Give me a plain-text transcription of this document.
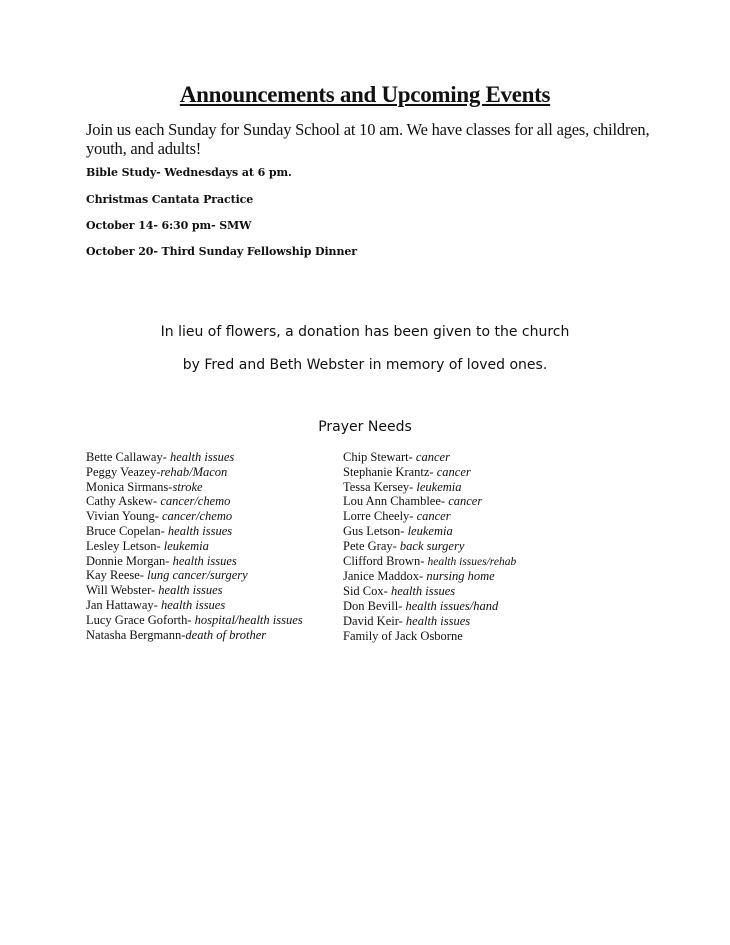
Announcements and Upcoming Events
Join us each Sunday for Sunday School at 10 am. We have classes for all ages, children, youth, and adults!
Bible Study- Wednesdays at 6 pm.
Christmas Cantata Practice
October 14- 6:30 pm- SMW
October 20- Third Sunday Fellowship Dinner
In lieu of flowers, a donation has been given to the church
by Fred and Beth Webster in memory of loved ones.
Prayer Needs
Bette Callaway- health issues
Peggy Veazey-rehab/Macon
Monica Sirmans-stroke
Cathy Askew- cancer/chemo
Vivian Young- cancer/chemo
Bruce Copelan- health issues
Lesley Letson- leukemia
Donnie Morgan- health issues
Kay Reese- lung cancer/surgery
Will Webster- health issues
Jan Hattaway- health issues
Lucy Grace Goforth- hospital/health issues
Natasha Bergmann-death of brother
Chip Stewart- cancer
Stephanie Krantz- cancer
Tessa Kersey- leukemia
Lou Ann Chamblee- cancer
Lorre Cheely- cancer
Gus Letson- leukemia
Pete Gray- back surgery
Clifford Brown- health issues/rehab
Janice Maddox- nursing home
Sid Cox- health issues
Don Bevill- health issues/hand
David Keir- health issues
Family of Jack Osborne
